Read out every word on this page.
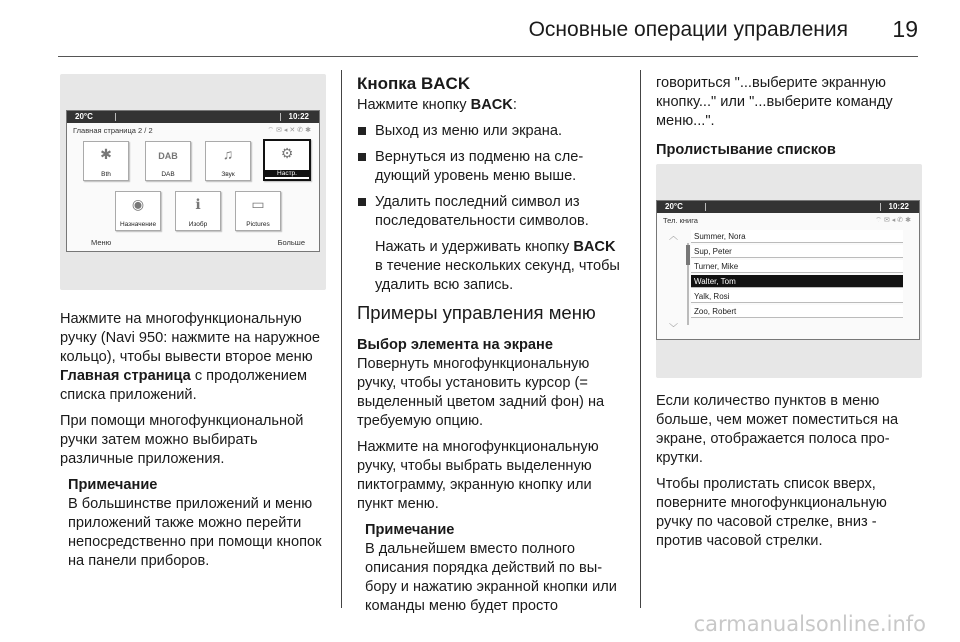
Основные операции управления 19
20°C	10:22
Главная страница 2 / 2	⌔✉◂✕✆✱
✱
Bth
DAB
DAB
♫
Звук
⚙
Настр.
◉
Назначение
ℹ
Изобр
▭
Pictures
Меню	Больше

Нажмите на многофункциональную ручку (Navi 950: нажмите на наружное кольцо), чтобы вывести второе меню Главная страница с продолжением списка приложений.

При помощи многофункциональной ручки затем можно выбирать различные приложения.

Примечание

В большинстве приложений и меню приложений также можно перейти непосредственно при помощи кнопок на панели приборов.

Кнопка BACK

Нажмите кнопку BACK:

Выход из меню или экрана.
Вернуться из подменю на следующий уровень меню выше.
Удалить последний символ из последовательности символов.

Нажать и удерживать кнопку BACK в течение нескольких секунд, чтобы удалить всю запись.

Примеры управления меню

Выбор элемента на экране

Повернуть многофункциональную ручку, чтобы установить курсор (= выделенный цветом задний фон) на требуемую опцию.

Нажмите на многофункциональную ручку, чтобы выбрать выделенную пиктограмму, экранную кнопку или пункт меню.

Примечание

В дальнейшем вместо полного описания порядка действий по выбору и нажатию экранной кнопки или команды меню будет просто

говориться "...выберите экранную кнопку..." или "...выберите команду меню...".

Пролистывание списков

20°C	10:22
Тел. книга	⌔✉◂✆✱
︿
﹀
Summer, Nora
Sup, Peter
Turner, Mike
Walter, Tom
Yalk, Rosi
Zoo, Robert

Если количество пунктов в меню больше, чем может поместиться на экране, отображается полоса прокрутки.

Чтобы пролистать список вверх, поверните многофункциональную ручку по часовой стрелке, вниз - против часовой стрелки.

carmanualsonline.info
